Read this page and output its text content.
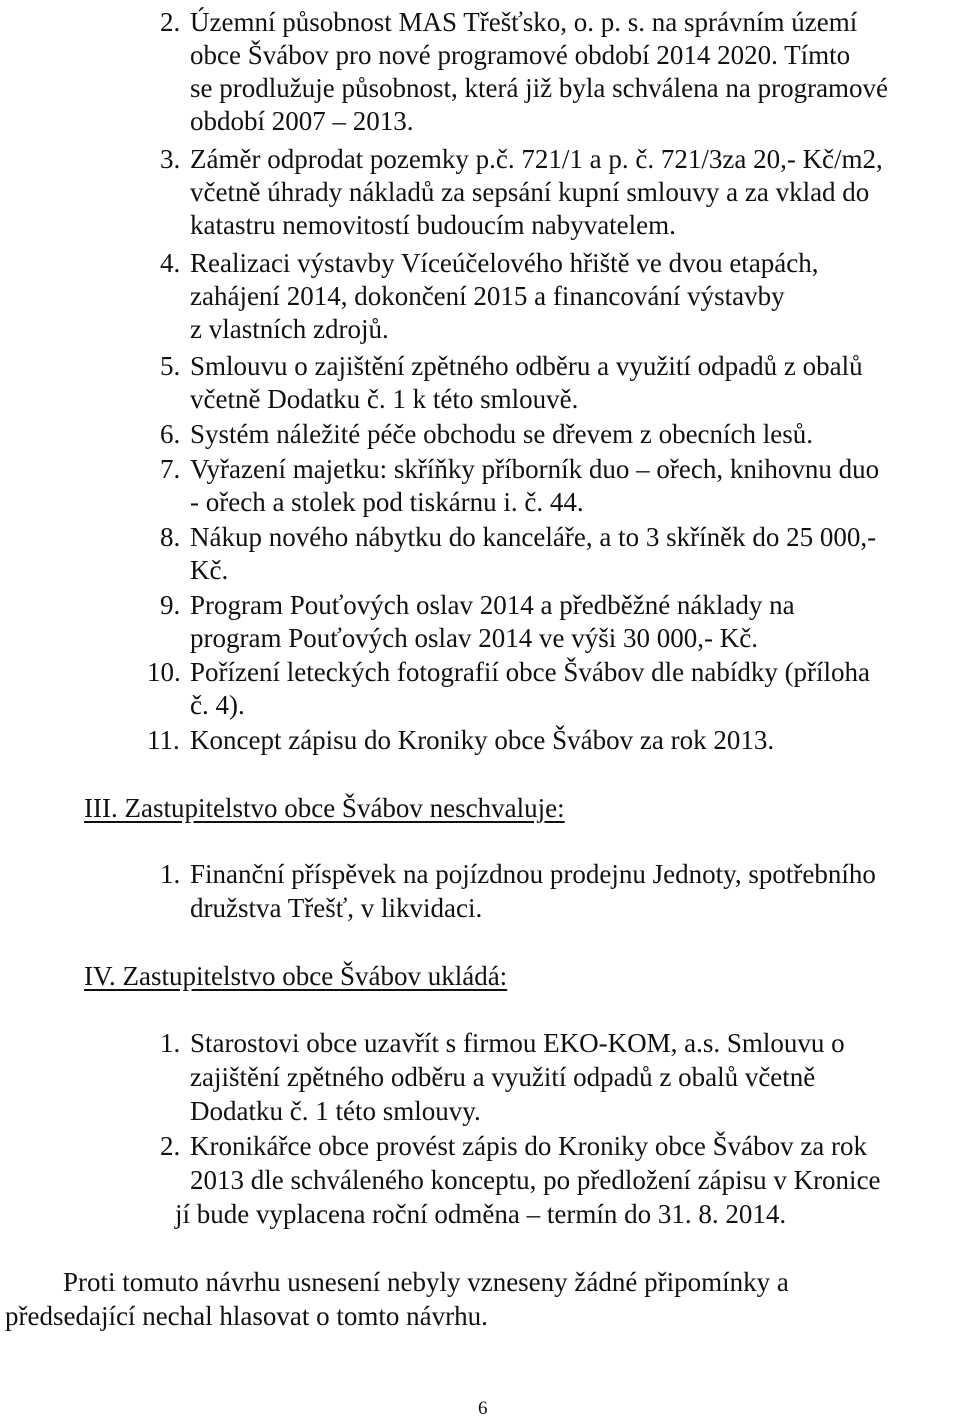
2. Územní působnost MAS Třešťsko, o. p. s. na správním území
obce Švábov pro nové programové období 2014 2020. Tímto
se prodlužuje působnost, která již byla schválena na programové
období 2007 – 2013.
3. Záměr odprodat pozemky p.č. 721/1 a p. č. 721/3za 20,- Kč/m2,
včetně úhrady nákladů za sepsání kupní smlouvy a za vklad do
katastru nemovitostí budoucím nabyvatelem.
4. Realizaci výstavby Víceúčelového hřiště ve dvou etapách,
zahájení 2014, dokončení 2015 a financování výstavby
z vlastních zdrojů.
5. Smlouvu o zajištění zpětného odběru a využití odpadů z obalů
včetně Dodatku č. 1 k této smlouvě.
6. Systém náležité péče obchodu se dřevem z obecních lesů.
7. Vyřazení majetku: skříňky příborník duo – ořech, knihovnu duo
- ořech a stolek pod tiskárnu i. č. 44.
8. Nákup nového nábytku do kanceláře, a to 3 skříněk do 25 000,-
Kč.
9. Program Pouťových oslav 2014 a předběžné náklady na
program Pouťových oslav 2014 ve výši 30 000,- Kč.
10. Pořízení leteckých fotografií obce Švábov dle nabídky (příloha
č. 4).
11. Koncept zápisu do Kroniky obce Švábov za rok 2013.
III. Zastupitelstvo obce Švábov neschvaluje:
1. Finanční příspěvek na pojízdnou prodejnu Jednoty, spotřebního
družstva Třešť, v likvidaci.
IV. Zastupitelstvo obce Švábov ukládá:
1. Starostovi obce uzavřít s firmou EKO-KOM, a.s. Smlouvu o
zajištění zpětného odběru a využití odpadů z obalů včetně
Dodatku č. 1 této smlouvy.
2. Kronikářce obce provést zápis do Kroniky obce Švábov za rok
2013 dle schváleného konceptu, po předložení zápisu v Kronice
jí bude vyplacena roční odměna – termín do 31. 8. 2014.
Proti tomuto návrhu usnesení nebyly vzneseny žádné připomínky a
předsedající nechal hlasovat o tomto návrhu.
6
